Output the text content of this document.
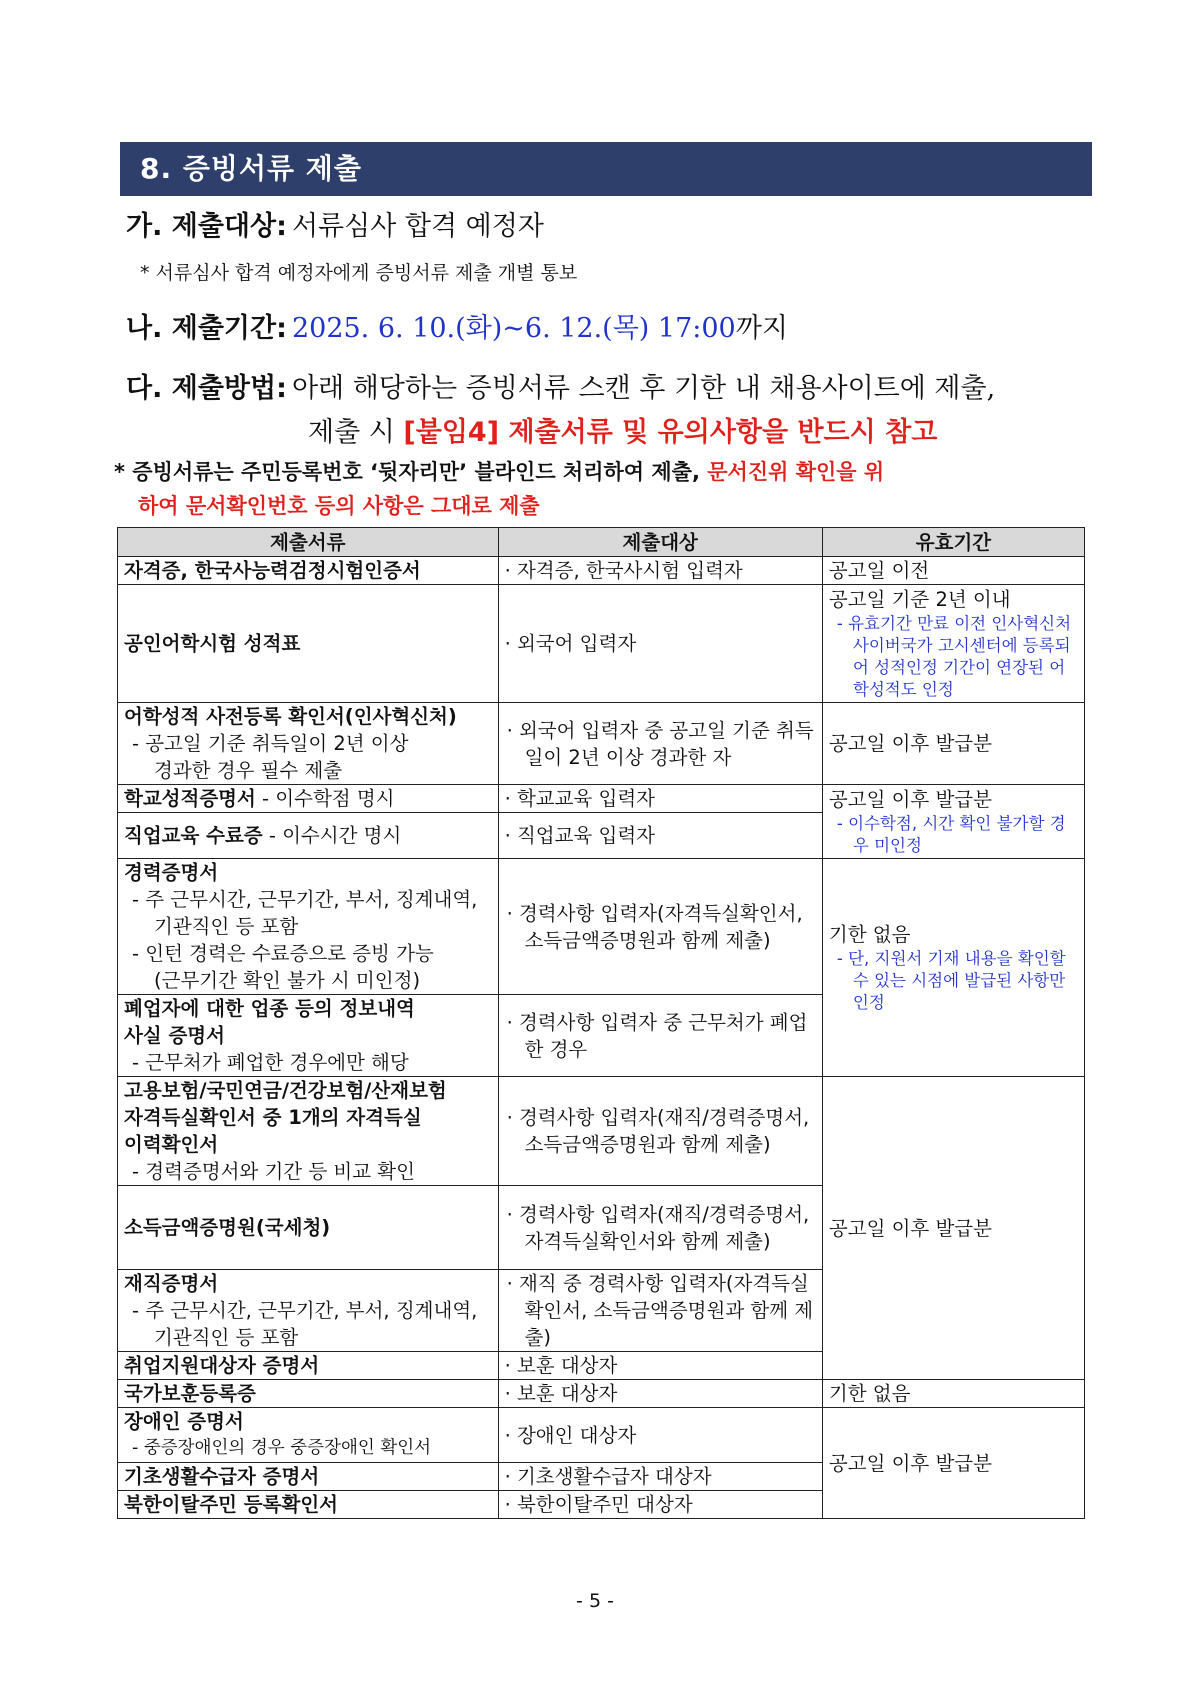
8. 증빙서류 제출
가. 제출대상: 서류심사 합격 예정자
* 서류심사 합격 예정자에게 증빙서류 제출 개별 통보
나. 제출기간: 2025. 6. 10.(화)~6. 12.(목) 17:00까지
다. 제출방법: 아래 해당하는 증빙서류 스캔 후 기한 내 채용사이트에 제출,
제출 시 [붙임4] 제출서류 및 유의사항을 반드시 참고
* 증빙서류는 주민등록번호 ‘뒷자리만’ 블라인드 처리하여 제출, 문서진위 확인을 위
하여 문서확인번호 등의 사항은 그대로 제출
제출서류	제출대상	유효기간
자격증, 한국사능력검정시험인증서	· 자격증, 한국사시험 입력자	공고일 이전
공인어학시험 성적표	· 외국어 입력자	공고일 기준 2년 이내
- 유효기간 만료 이전 인사혁신처 사이버국가 고시센터에 등록되어 성적인정 기간이 연장된 어학성적도 인정

어학성적 사전등록 확인서(인사혁신처)
- 공고일 기준 취득일이 2년 이상
경과한 경우 필수 제출	· 외국어 입력자 중 공고일 기준 취득일이 2년 이상 경과한 자	공고일 이후 발급분
학교성적증명서 - 이수학점 명시	· 학교교육 입력자	공고일 이후 발급분
- 이수학점, 시간 확인 불가할 경우 미인정

직업교육 수료증 - 이수시간 명시	· 직업교육 입력자	

경력증명서
- 주 근무시간, 근무기간, 부서, 징계내역,
기관직인 등 포함
- 인턴 경력은 수료증으로 증빙 가능
(근무기간 확인 불가 시 미인정)	· 경력사항 입력자(자격득실확인서, 소득금액증명원과 함께 제출)	기한 없음
- 단, 지원서 기재 내용을 확인할 수 있는 시점에 발급된 사항만 인정

폐업자에 대한 업종 등의 정보내역
사실 증명서
- 근무처가 폐업한 경우에만 해당	· 경력사항 입력자 중 근무처가 폐업한 경우	

고용보험/국민연금/건강보험/산재보험
자격득실확인서 중 1개의 자격득실
이력확인서
- 경력증명서와 기간 등 비교 확인	· 경력사항 입력자(재직/경력증명서, 소득금액증명원과 함께 제출)	공고일 이후 발급분
소득금액증명원(국세청)	· 경력사항 입력자(재직/경력증명서, 자격득실확인서와 함께 제출)	

재직증명서
- 주 근무시간, 근무기간, 부서, 징계내역,
기관직인 등 포함	· 재직 중 경력사항 입력자(자격득실확인서, 소득금액증명원과 함께 제출)	

취업지원대상자 증명서	· 보훈 대상자	
국가보훈등록증	· 보훈 대상자	기한 없음

장애인 증명서
- 중증장애인의 경우 중증장애인 확인서	· 장애인 대상자	공고일 이후 발급분
기초생활수급자 증명서	· 기초생활수급자 대상자	
북한이탈주민 등록확인서	· 북한이탈주민 대상자	
- 5 -
